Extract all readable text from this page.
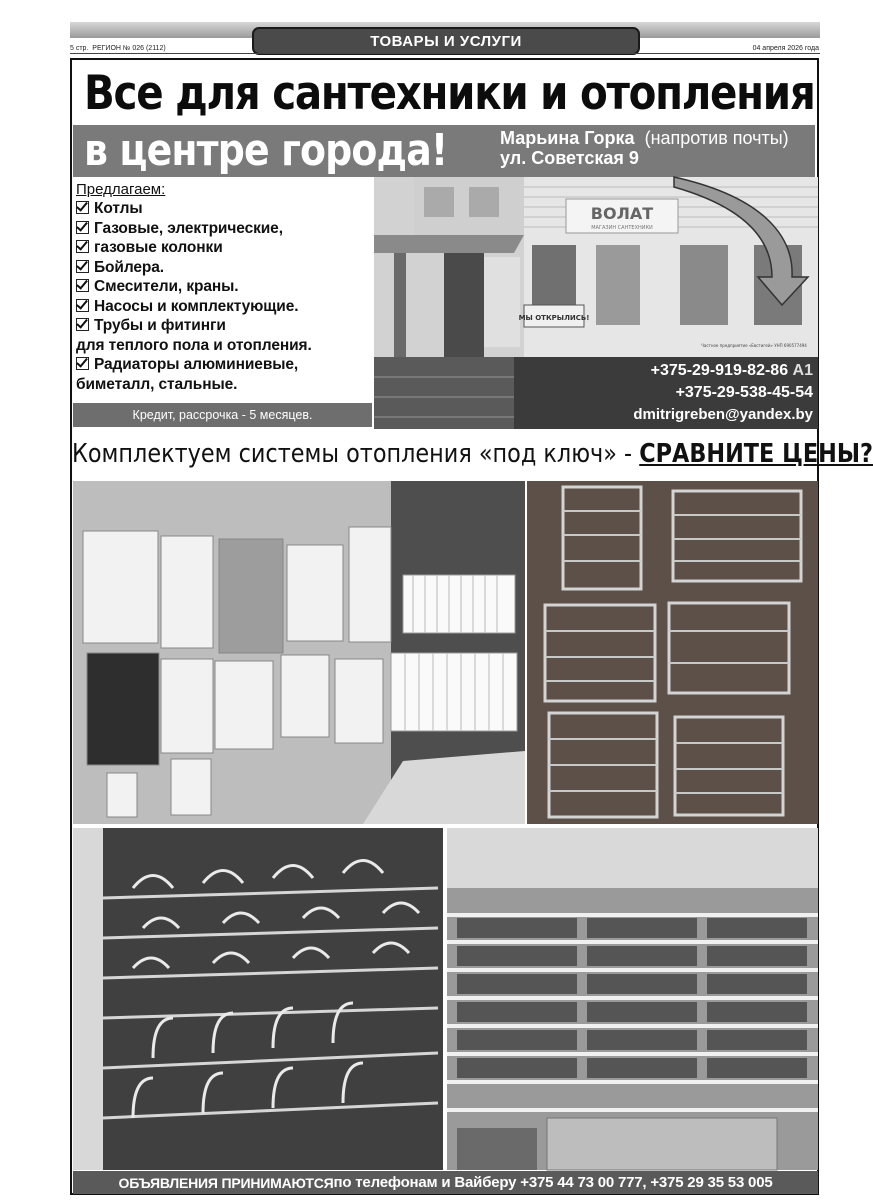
ТОВАРЫ И УСЛУГИ
5 стр. РЕГИОН № 026 (2112)	04 апреля 2026 года
Все для сантехники и отопления
в центре города!	Марьина Горка (напротив почты)
ул. Советская 9
Предлагаем:
Котлы
Газовые, электрические,
газовые колонки
Бойлера.
Смесители, краны.
Насосы и комплектующие.
Трубы и фитинги
для теплого пола и отопления.
Радиаторы алюминиевые,
биметалл, стальные.
Кредит, рассрочка - 5 месяцев.
ВОЛАТ
МАГАЗИН САНТЕХНИКИ
МЫ ОТКРЫЛИСЬ!
Частное предприятие «Евстигей» УНП 690577494
+375-29-919-82-86 А1
+375-29-538-45-54
dmitrigreben@yandex.by
Комплектуем системы отопления «под ключ» - СРАВНИТЕ ЦЕНЫ?
ОБЪЯВЛЕНИЯ ПРИНИМАЮТСЯ по телефонам и Вайберу +375 44 73 00 777, +375 29 35 53 005
